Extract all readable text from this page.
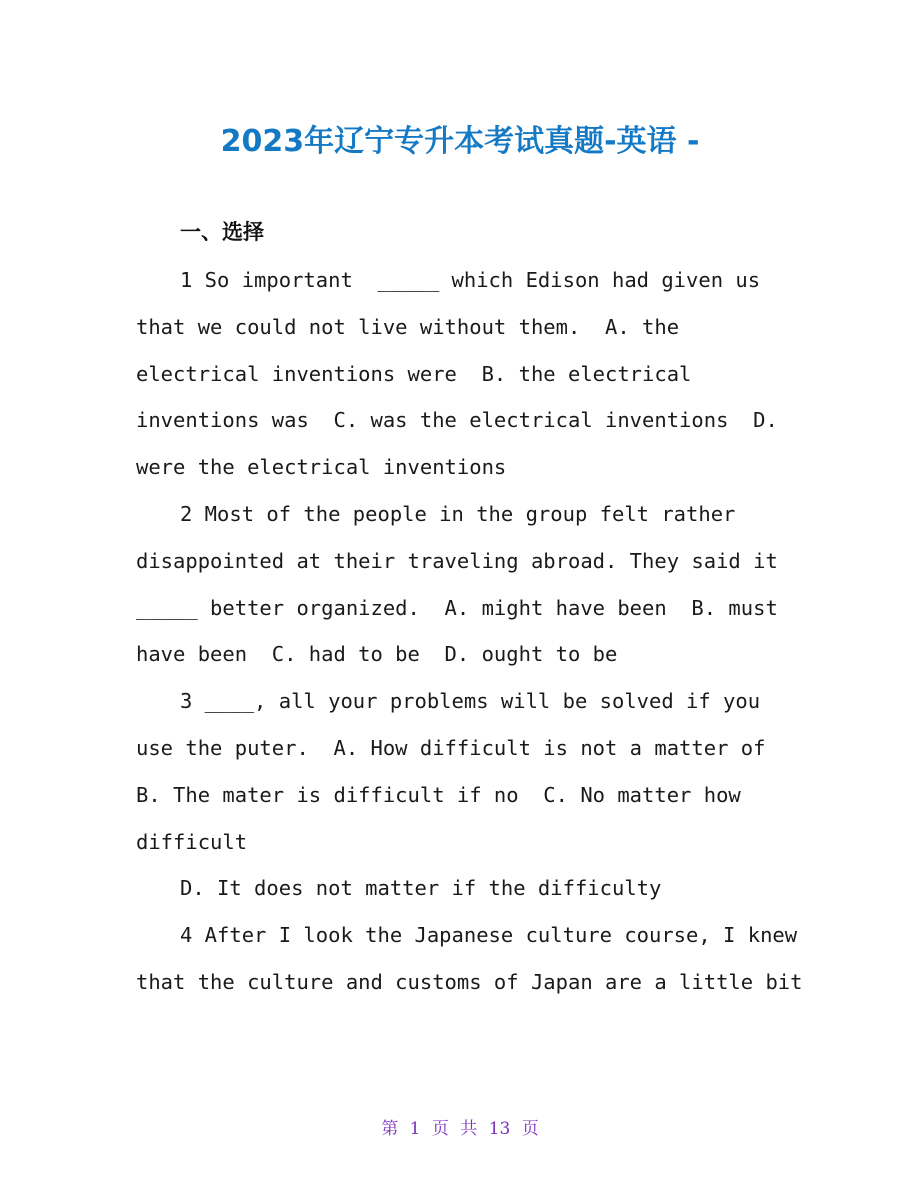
2023年辽宁专升本考试真题-英语 -
一、选择
1 So important  _____ which Edison had given us
that we could not live without them.  A. the
electrical inventions were  B. the electrical
inventions was  C. was the electrical inventions  D.
were the electrical inventions
2 Most of the people in the group felt rather
disappointed at their traveling abroad. They said it
_____ better organized.  A. might have been  B. must
have been  C. had to be  D. ought to be
3 ____, all your problems will be solved if you
use the puter.  A. How difficult is not a matter of
B. The mater is difficult if no  C. No matter how
difficult
D. It does not matter if the difficulty
4 After I look the Japanese culture course, I knew
that the culture and customs of Japan are a little bit
第 1 页 共 13 页
